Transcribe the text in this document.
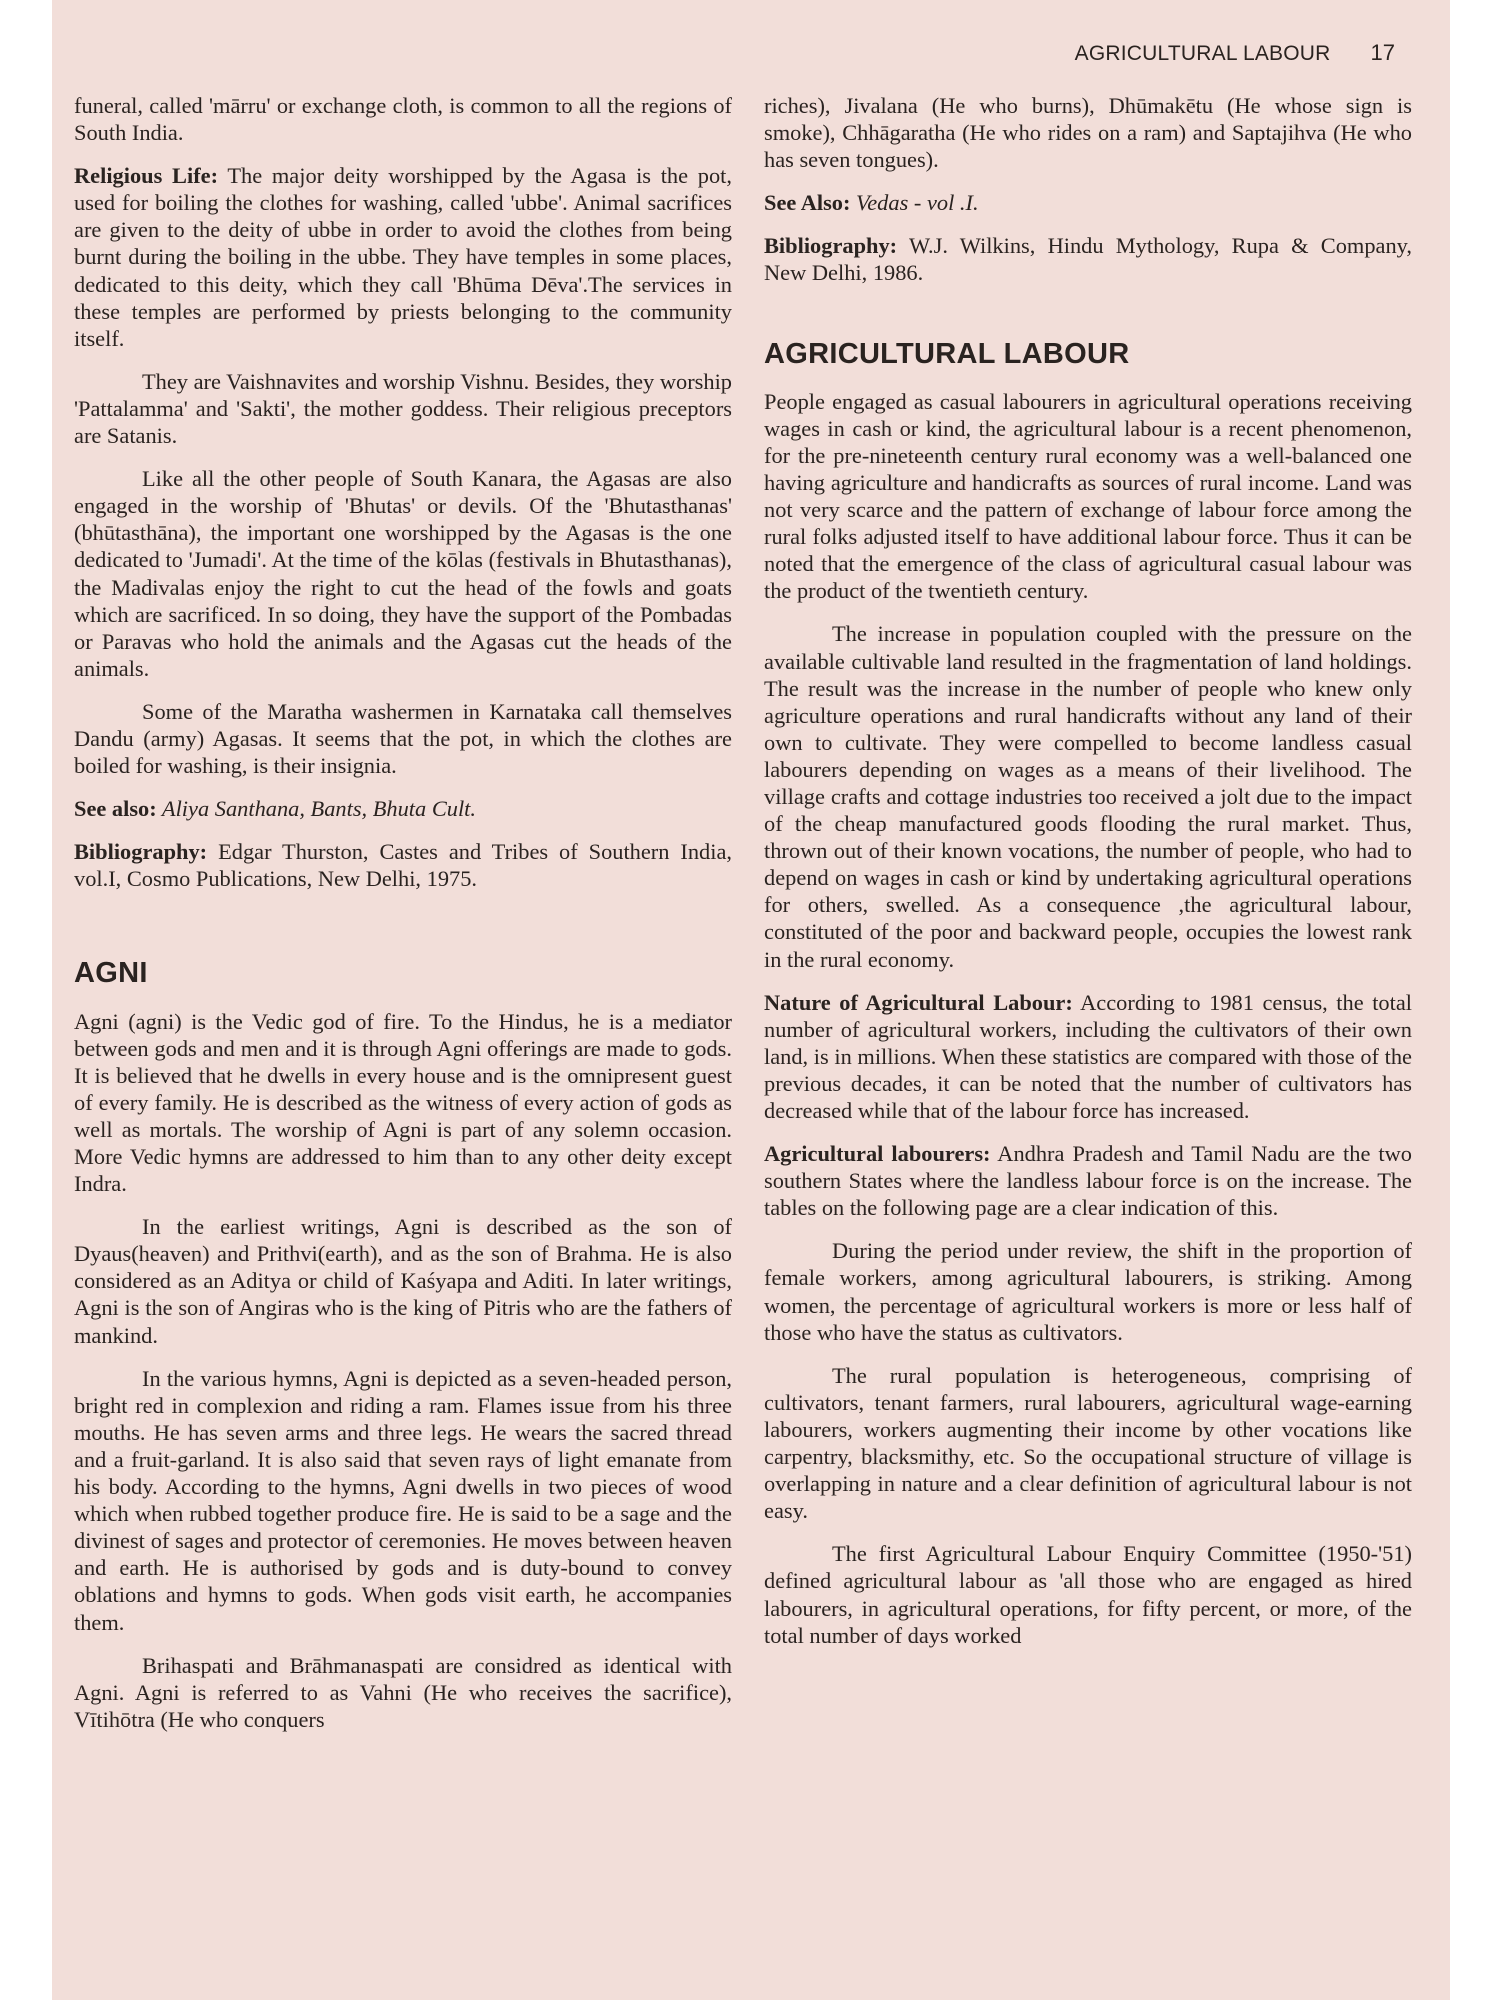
AGRICULTURAL LABOUR 17

funeral, called 'mārru' or exchange cloth, is common to all the regions of South India.

Religious Life: The major deity worshipped by the Agasa is the pot, used for boiling the clothes for washing, called 'ubbe'. Animal sacrifices are given to the deity of ubbe in order to avoid the clothes from being burnt during the boiling in the ubbe. They have temples in some places, dedicated to this deity, which they call 'Bhūma Dēva'.The services in these temples are performed by priests belonging to the community itself.

They are Vaishnavites and worship Vishnu. Besides, they worship 'Pattalamma' and 'Sakti', the mother goddess. Their religious preceptors are Satanis.

Like all the other people of South Kanara, the Agasas are also engaged in the worship of 'Bhutas' or devils. Of the 'Bhutasthanas' (bhūtasthāna), the important one worshipped by the Agasas is the one dedicated to 'Jumadi'. At the time of the kōlas (festivals in Bhutasthanas), the Madivalas enjoy the right to cut the head of the fowls and goats which are sacrificed. In so doing, they have the support of the Pombadas or Paravas who hold the animals and the Agasas cut the heads of the animals.

Some of the Maratha washermen in Karnataka call themselves Dandu (army) Agasas. It seems that the pot, in which the clothes are boiled for washing, is their insignia.

See also: Aliya Santhana, Bants, Bhuta Cult.

Bibliography: Edgar Thurston, Castes and Tribes of Southern India, vol.I, Cosmo Publications, New Delhi, 1975.

AGNI

Agni (agni) is the Vedic god of fire. To the Hindus, he is a mediator between gods and men and it is through Agni offerings are made to gods. It is believed that he dwells in every house and is the omnipresent guest of every family. He is described as the witness of every action of gods as well as mortals. The worship of Agni is part of any solemn occasion. More Vedic hymns are addressed to him than to any other deity except Indra.

In the earliest writings, Agni is described as the son of Dyaus(heaven) and Prithvi(earth), and as the son of Brahma. He is also considered as an Aditya or child of Kaśyapa and Aditi. In later writings, Agni is the son of Angiras who is the king of Pitris who are the fathers of mankind.

In the various hymns, Agni is depicted as a seven-headed person, bright red in complexion and riding a ram. Flames issue from his three mouths. He has seven arms and three legs. He wears the sacred thread and a fruit-garland. It is also said that seven rays of light emanate from his body. According to the hymns, Agni dwells in two pieces of wood which when rubbed together produce fire. He is said to be a sage and the divinest of sages and protector of ceremonies. He moves between heaven and earth. He is authorised by gods and is duty-bound to convey oblations and hymns to gods. When gods visit earth, he accompanies them.

Brihaspati and Brāhmanaspati are considred as identical with Agni. Agni is referred to as Vahni (He who receives the sacrifice), Vītihōtra (He who conquers

riches), Jivalana (He who burns), Dhūmakētu (He whose sign is smoke), Chhāgaratha (He who rides on a ram) and Saptajihva (He who has seven tongues).

See Also: Vedas - vol .I.

Bibliography: W.J. Wilkins, Hindu Mythology, Rupa & Company, New Delhi, 1986.

AGRICULTURAL LABOUR

People engaged as casual labourers in agricultural operations receiving wages in cash or kind, the agricultural labour is a recent phenomenon, for the pre-nineteenth century rural economy was a well-balanced one having agriculture and handicrafts as sources of rural income. Land was not very scarce and the pattern of exchange of labour force among the rural folks adjusted itself to have additional labour force. Thus it can be noted that the emergence of the class of agricultural casual labour was the product of the twentieth century.

The increase in population coupled with the pressure on the available cultivable land resulted in the fragmentation of land holdings. The result was the increase in the number of people who knew only agriculture operations and rural handicrafts without any land of their own to cultivate. They were compelled to become landless casual labourers depending on wages as a means of their livelihood. The village crafts and cottage industries too received a jolt due to the impact of the cheap manufactured goods flooding the rural market. Thus, thrown out of their known vocations, the number of people, who had to depend on wages in cash or kind by undertaking agricultural operations for others, swelled. As a consequence ,the agricultural labour, constituted of the poor and backward people, occupies the lowest rank in the rural economy.

Nature of Agricultural Labour: According to 1981 census, the total number of agricultural workers, including the cultivators of their own land, is in millions. When these statistics are compared with those of the previous decades, it can be noted that the number of cultivators has decreased while that of the labour force has increased.

Agricultural labourers: Andhra Pradesh and Tamil Nadu are the two southern States where the landless labour force is on the increase. The tables on the following page are a clear indication of this.

During the period under review, the shift in the proportion of female workers, among agricultural labourers, is striking. Among women, the percentage of agricultural workers is more or less half of those who have the status as cultivators.

The rural population is heterogeneous, comprising of cultivators, tenant farmers, rural labourers, agricultural wage-earning labourers, workers augmenting their income by other vocations like carpentry, blacksmithy, etc. So the occupational structure of village is overlapping in nature and a clear definition of agricultural labour is not easy.

The first Agricultural Labour Enquiry Committee (1950-'51) defined agricultural labour as 'all those who are engaged as hired labourers, in agricultural operations, for fifty percent, or more, of the total number of days worked
